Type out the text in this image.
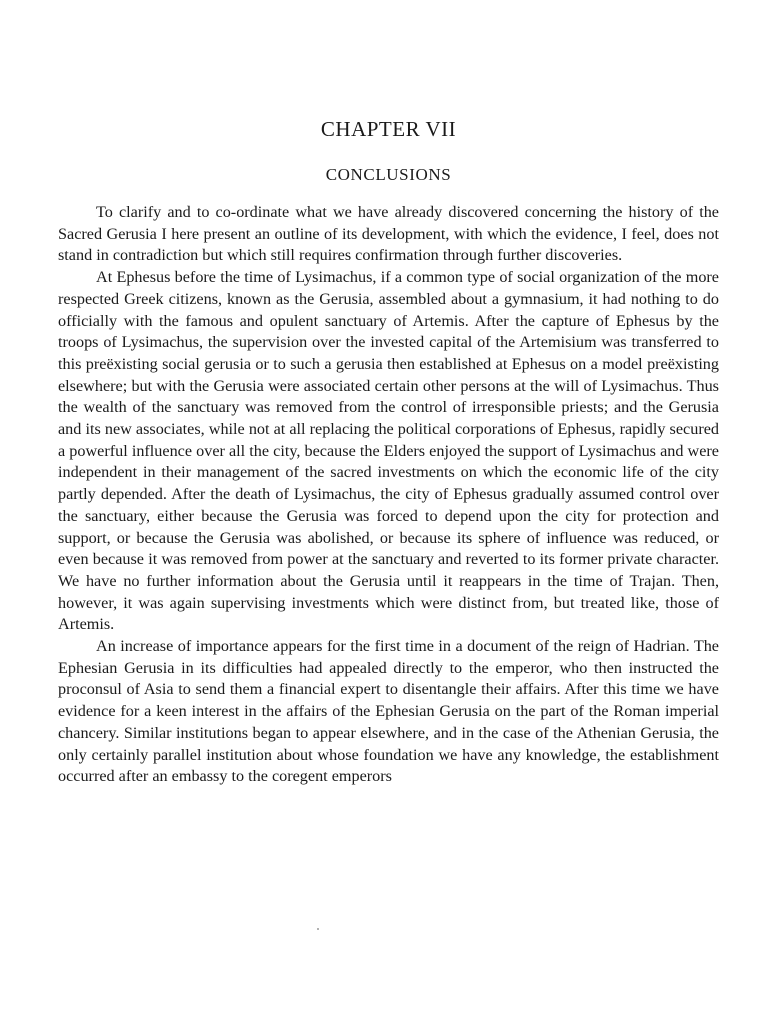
CHAPTER VII
CONCLUSIONS

To clarify and to co-ordinate what we have already discovered concerning the history of the Sacred Gerusia I here present an outline of its development, with which the evidence, I feel, does not stand in contradiction but which still requires confirmation through further discoveries.

At Ephesus before the time of Lysimachus, if a common type of social organization of the more respected Greek citizens, known as the Gerusia, assembled about a gymnasium, it had nothing to do officially with the famous and opulent sanctuary of Artemis. After the capture of Ephesus by the troops of Lysimachus, the supervision over the invested capital of the Artemisium was transferred to this preëxisting social gerusia or to such a gerusia then established at Ephesus on a model preëxisting elsewhere; but with the Gerusia were associated certain other persons at the will of Lysimachus. Thus the wealth of the sanctuary was removed from the control of irresponsible priests; and the Gerusia and its new associates, while not at all replacing the political corporations of Ephesus, rapidly secured a powerful influence over all the city, because the Elders enjoyed the support of Lysimachus and were independent in their management of the sacred investments on which the economic life of the city partly depended. After the death of Lysimachus, the city of Ephesus gradually assumed control over the sanctuary, either because the Gerusia was forced to depend upon the city for protection and support, or because the Gerusia was abolished, or because its sphere of influence was reduced, or even because it was removed from power at the sanctuary and reverted to its former private character. We have no further information about the Gerusia until it reappears in the time of Trajan. Then, however, it was again supervising investments which were distinct from, but treated like, those of Artemis.

An increase of importance appears for the first time in a document of the reign of Hadrian. The Ephesian Gerusia in its difficulties had appealed directly to the emperor, who then instructed the proconsul of Asia to send them a financial expert to disentangle their affairs. After this time we have evidence for a keen interest in the affairs of the Ephesian Gerusia on the part of the Roman imperial chancery. Similar institutions began to appear elsewhere, and in the case of the Athenian Gerusia, the only certainly parallel institution about whose foundation we have any knowledge, the establishment occurred after an embassy to the coregent emperors
